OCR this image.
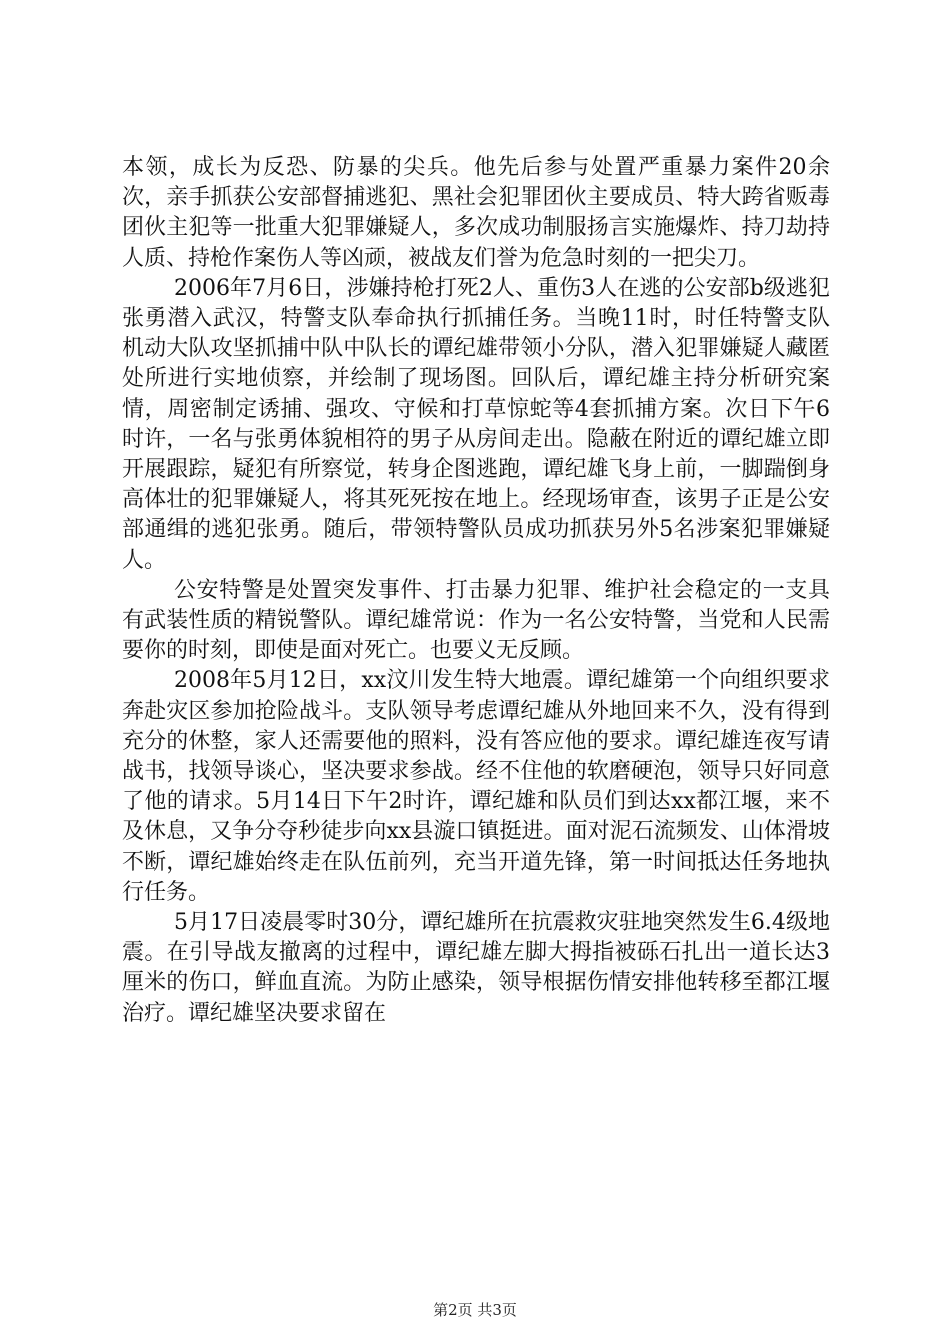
本领，成长为反恐、防暴的尖兵。他先后参与处置严重暴力案件20余次，亲手抓获公安部督捕逃犯、黑社会犯罪团伙主要成员、特大跨省贩毒团伙主犯等一批重大犯罪嫌疑人，多次成功制服扬言实施爆炸、持刀劫持人质、持枪作案伤人等凶顽，被战友们誉为危急时刻的一把尖刀。

2006年7月6日，涉嫌持枪打死2人、重伤3人在逃的公安部b级逃犯张勇潜入武汉，特警支队奉命执行抓捕任务。当晚11时，时任特警支队机动大队攻坚抓捕中队中队长的谭纪雄带领小分队，潜入犯罪嫌疑人藏匿处所进行实地侦察，并绘制了现场图。回队后，谭纪雄主持分析研究案情，周密制定诱捕、强攻、守候和打草惊蛇等4套抓捕方案。次日下午6时许，一名与张勇体貌相符的男子从房间走出。隐蔽在附近的谭纪雄立即开展跟踪，疑犯有所察觉，转身企图逃跑，谭纪雄飞身上前，一脚踹倒身高体壮的犯罪嫌疑人，将其死死按在地上。经现场审查，该男子正是公安部通缉的逃犯张勇。随后，带领特警队员成功抓获另外5名涉案犯罪嫌疑人。

公安特警是处置突发事件、打击暴力犯罪、维护社会稳定的一支具有武装性质的精锐警队。谭纪雄常说：作为一名公安特警，当党和人民需要你的时刻，即使是面对死亡。也要义无反顾。

2008年5月12日，xx汶川发生特大地震。谭纪雄第一个向组织要求奔赴灾区参加抢险战斗。支队领导考虑谭纪雄从外地回来不久，没有得到充分的休整，家人还需要他的照料，没有答应他的要求。谭纪雄连夜写请战书，找领导谈心，坚决要求参战。经不住他的软磨硬泡，领导只好同意了他的请求。5月14日下午2时许，谭纪雄和队员们到达xx都江堰，来不及休息，又争分夺秒徒步向xx县漩口镇挺进。面对泥石流频发、山体滑坡不断，谭纪雄始终走在队伍前列，充当开道先锋，第一时间抵达任务地执行任务。

5月17日凌晨零时30分，谭纪雄所在抗震救灾驻地突然发生6.4级地震。在引导战友撤离的过程中，谭纪雄左脚大拇指被砾石扎出一道长达3厘米的伤口，鲜血直流。为防止感染，领导根据伤情安排他转移至都江堰治疗。谭纪雄坚决要求留在

第2页 共3页
